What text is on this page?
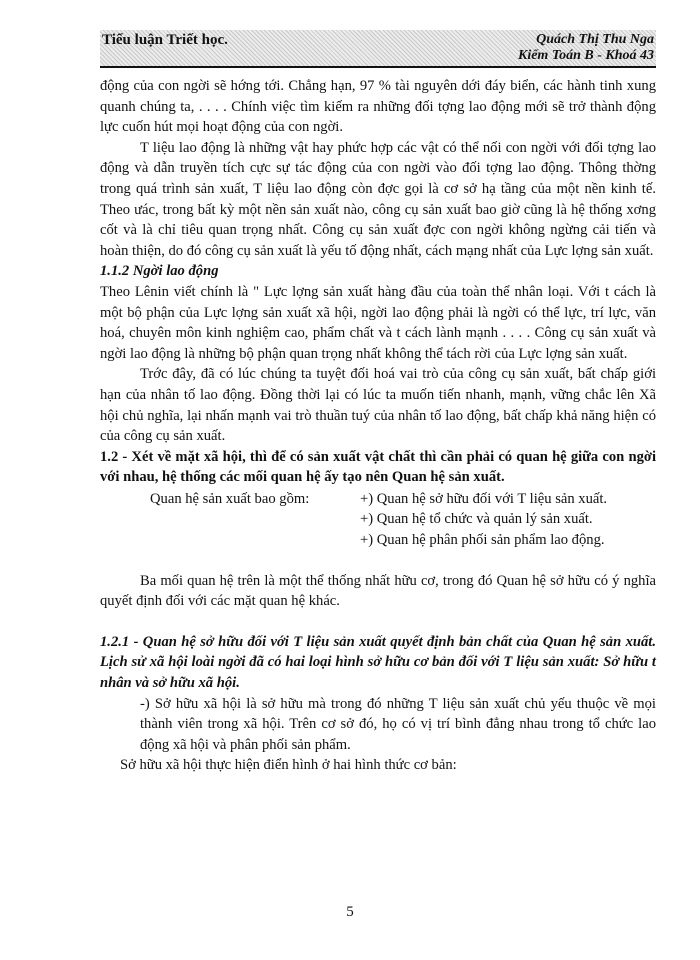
Tiểu luận Triết học.	Quách Thị Thu Nga
Kiểm Toán B - Khoá 43

động của con ngời sẽ hớng tới. Chẳng hạn, 97 % tài nguyên dới đáy biển, các hành tinh xung quanh chúng ta, . . . . Chính việc tìm kiếm ra những đối tợng lao động mới sẽ trở thành động lực cuốn hút mọi hoạt động của con ngời.

T liệu lao động là những vật hay phức hợp các vật có thể nối con ngời với đối tợng lao động và dẫn truyền tích cực sự tác động của con ngời vào đối tợng lao động. Thông thờng trong quá trình sản xuất, T liệu lao động còn đợc gọi là cơ sở hạ tầng của một nền kinh tế. Theo ưác, trong bất kỳ một nền sản xuất nào, công cụ sản xuất bao giờ cũng là hệ thống xơng cốt và là chỉ tiêu quan trọng nhất. Công cụ sản xuất đợc con ngời không ngừng cải tiến và hoàn thiện, do đó công cụ sản xuất là yếu tố động nhất, cách mạng nhất của Lực lợng sản xuất.

1.1.2 Ngời lao động

Theo Lênin viết chính là " Lực lợng sản xuất hàng đầu của toàn thể nhân loại. Với t cách là một bộ phận của Lực lợng sản xuất xã hội, ngời lao động phải là ngời có thể lực, trí lực, văn hoá, chuyên môn kinh nghiệm cao, phẩm chất và t cách lành mạnh . . . . Công cụ sản xuất và ngời lao động là những bộ phận quan trọng nhất không thể tách rời của Lực lợng sản xuất.

Trớc đây, đã có lúc chúng ta tuyệt đối hoá vai trò của công cụ sản xuất, bất chấp giới hạn của nhân tố lao động. Đồng thời lại có lúc ta muốn tiến nhanh, mạnh, vững chắc lên Xã hội chủ nghĩa, lại nhấn mạnh vai trò thuần tuý của nhân tố lao động, bất chấp khả năng hiện có của công cụ sản xuất.

1.2 - Xét về mặt xã hội, thì để có sản xuất vật chất thì cần phải có quan hệ giữa con ngời với nhau, hệ thống các mối quan hệ ấy tạo nên Quan hệ sản xuất.

Quan hệ sản xuất bao gồm:	+) Quan hệ sở hữu đối với T liệu sản xuất.
+) Quan hệ tổ chức và quản lý sản xuất.
+) Quan hệ phân phối sản phẩm lao động.

Ba mối quan hệ trên là một thể thống nhất hữu cơ, trong đó Quan hệ sở hữu có ý nghĩa quyết định đối với các mặt quan hệ khác.

1.2.1 - Quan hệ sở hữu đối với T liệu sản xuất quyết định bản chất của Quan hệ sản xuất. Lịch sử xã hội loài ngời đã có hai loại hình sở hữu cơ bản đối với T liệu sản xuất: Sở hữu t nhân và sở hữu xã hội.

-) Sở hữu xã hội là sở hữu mà trong đó những T liệu sản xuất chủ yếu thuộc về mọi thành viên trong xã hội. Trên cơ sở đó, họ có vị trí bình đẳng nhau trong tổ chức lao động xã hội và phân phối sản phẩm.

Sở hữu xã hội thực hiện điển hình ở hai hình thức cơ bản:

5
